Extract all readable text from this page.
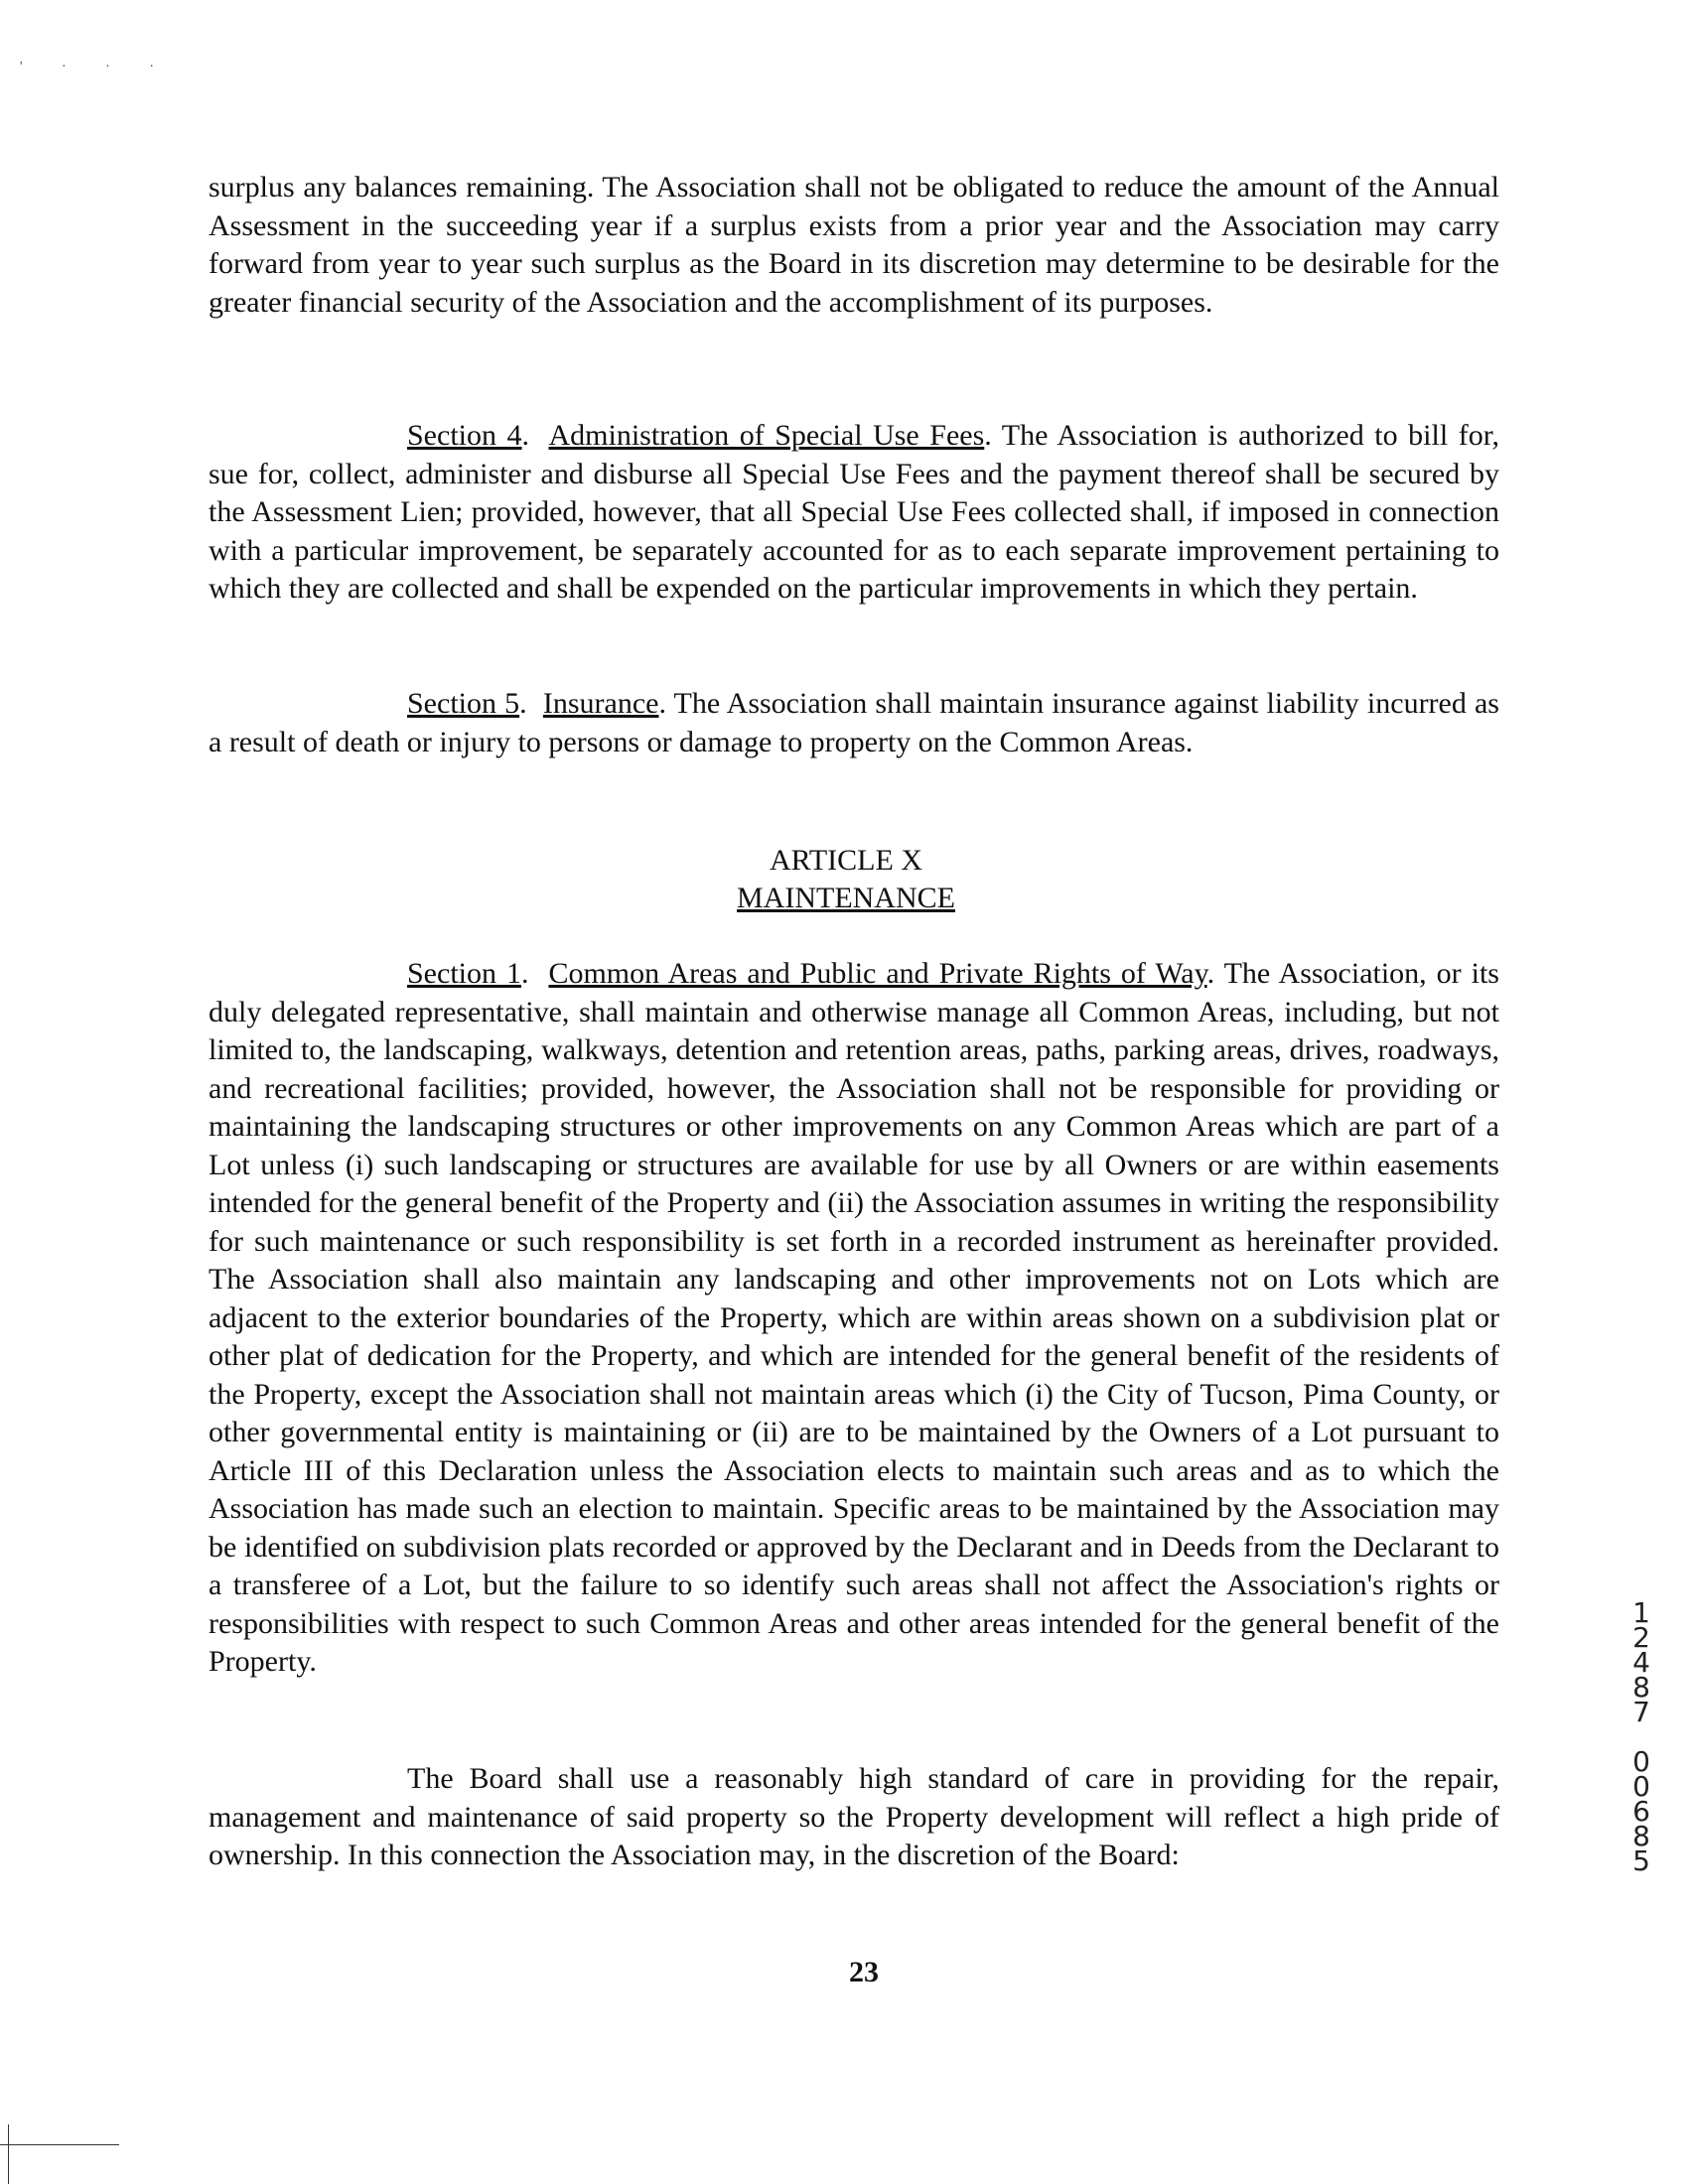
' · · ·

surplus any balances remaining. The Association shall not be obligated to reduce the amount of the Annual Assessment in the succeeding year if a surplus exists from a prior year and the Association may carry forward from year to year such surplus as the Board in its discretion may determine to be desirable for the greater financial security of the Association and the accomplishment of its purposes.

Section 4.  Administration of Special Use Fees. The Association is authorized to bill for, sue for, collect, administer and disburse all Special Use Fees and the payment thereof shall be secured by the Assessment Lien; provided, however, that all Special Use Fees collected shall, if imposed in connection with a particular improvement, be separately accounted for as to each separate improvement pertaining to which they are collected and shall be expended on the particular improvements in which they pertain.

Section 5.  Insurance. The Association shall maintain insurance against liability incurred as a result of death or injury to persons or damage to property on the Common Areas.

ARTICLE X
MAINTENANCE

Section 1.  Common Areas and Public and Private Rights of Way. The Association, or its duly delegated representative, shall maintain and otherwise manage all Common Areas, including, but not limited to, the landscaping, walkways, detention and retention areas, paths, parking areas, drives, roadways, and recreational facilities; provided, however, the Association shall not be responsible for providing or maintaining the landscaping structures or other improvements on any Common Areas which are part of a Lot unless (i) such landscaping or structures are available for use by all Owners or are within easements intended for the general benefit of the Property and (ii) the Association assumes in writing the responsibility for such maintenance or such responsibility is set forth in a recorded instrument as hereinafter provided. The Association shall also maintain any landscaping and other improvements not on Lots which are adjacent to the exterior boundaries of the Property, which are within areas shown on a subdivision plat or other plat of dedication for the Property, and which are intended for the general benefit of the residents of the Property, except the Association shall not maintain areas which (i) the City of Tucson, Pima County, or other governmental entity is maintaining or (ii) are to be maintained by the Owners of a Lot pursuant to Article III of this Declaration unless the Association elects to maintain such areas and as to which the Association has made such an election to maintain. Specific areas to be maintained by the Association may be identified on subdivision plats recorded or approved by the Declarant and in Deeds from the Declarant to a transferee of a Lot, but the failure to so identify such areas shall not affect the Association's rights or responsibilities with respect to such Common Areas and other areas intended for the general benefit of the Property.

The Board shall use a reasonably high standard of care in providing for the repair, management and maintenance of said property so the Property development will reflect a high pride of ownership. In this connection the Association may, in the discretion of the Board:

23
1
2
4
8
7
0
0
6
8
5
